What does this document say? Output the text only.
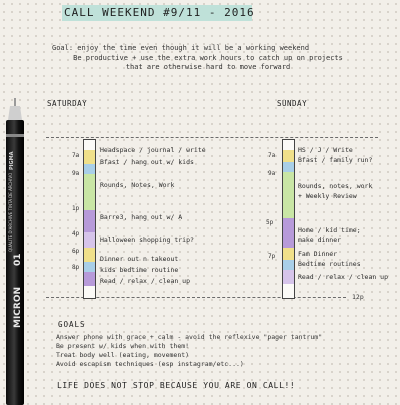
CALL WEEKEND #9/11 - 2016
Goal: enjoy the time even though it will be a working weekend
Be productive + use the extra work hours to catch up on projects
that are otherwise hard to move forward
SATURDAY	SUNDAY
12p
7a
9a
1p
4p
6p
8p
7a
9a
5p
7p
Headspace / journal / write
Bfast / hang out w/ kids
Rounds, Notes, Work
Barre3, hang out w/ A
Halloween shopping trip?
Dinner out n takeout
kids bedtime routine
Read / relax / clean up
HS / J / Write
Bfast / family run?
Rounds, notes, work
+ Weekly Review
Home / kid time;
make dinner
Fam Dinner
Bedtime routines
Read / relax / clean up
GOALS
Answer phone with grace + calm - avoid the reflexive "pager tantrum"
Be present w/ kids when with them!
Treat body well (eating, movement)
Avoid escapism techniques (esp instagram/etc...)
LIFE DOES NOT STOP BECAUSE YOU ARE ON CALL!!
MICRON
01
QUALITE D'ARCHIVE TINTA DE ARCHIVO
PIGMA
